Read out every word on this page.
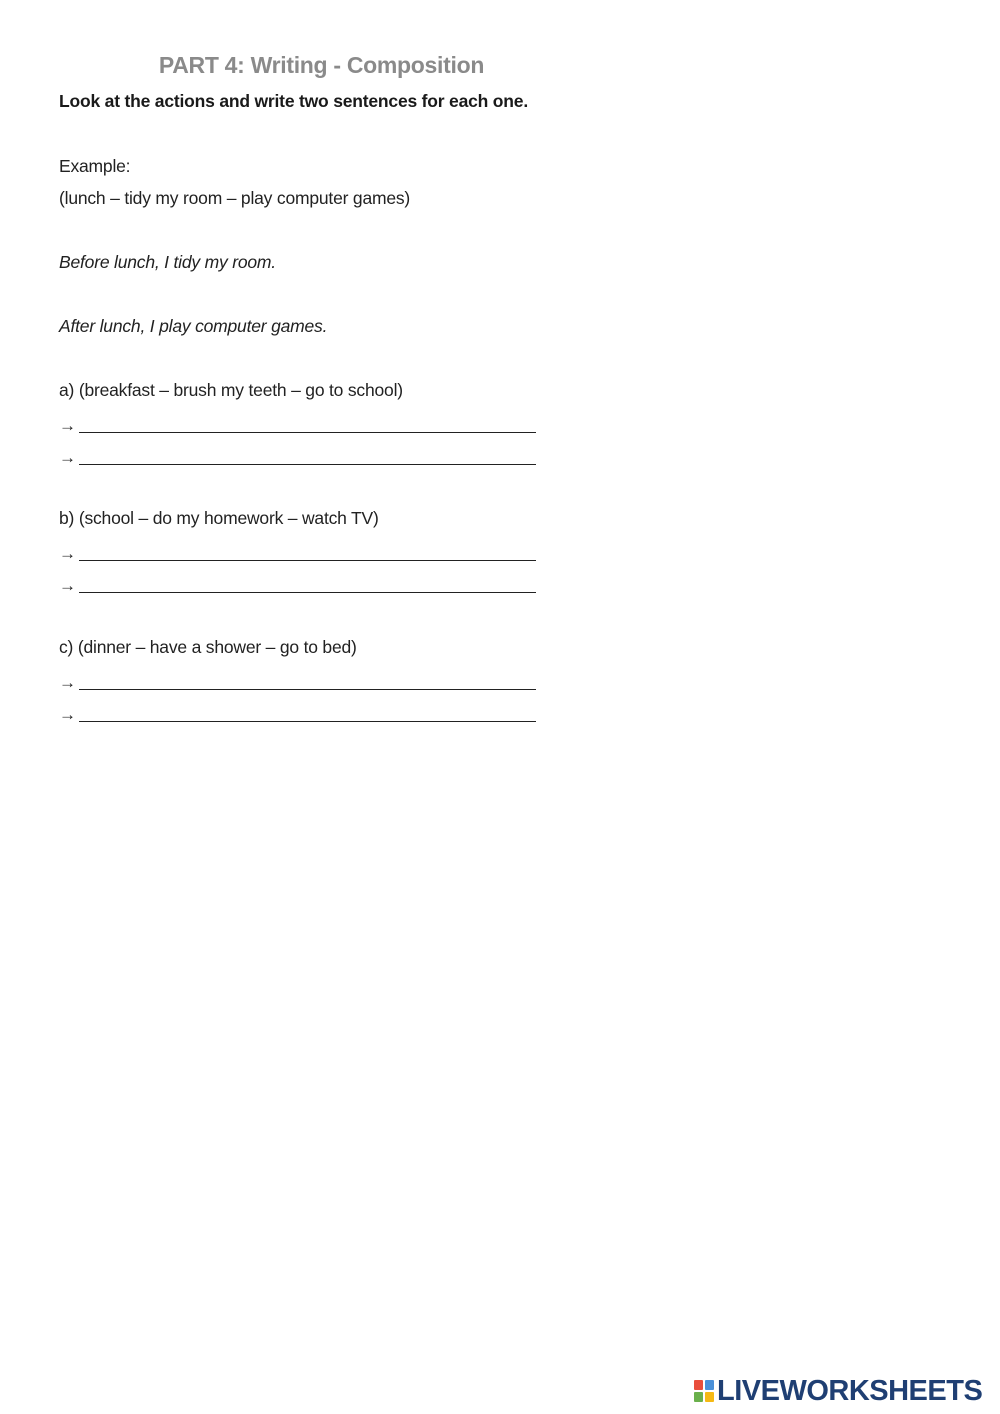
PART 4: Writing - Composition
Look at the actions and write two sentences for each one.
Example:
(lunch – tidy my room – play computer games)
Before lunch, I tidy my room.
After lunch, I play computer games.
a) (breakfast – brush my teeth – go to school)
→
→
b) (school – do my homework – watch TV)
→
→
c) (dinner – have a shower – go to bed)
→
→
LIVEWORKSHEETS
